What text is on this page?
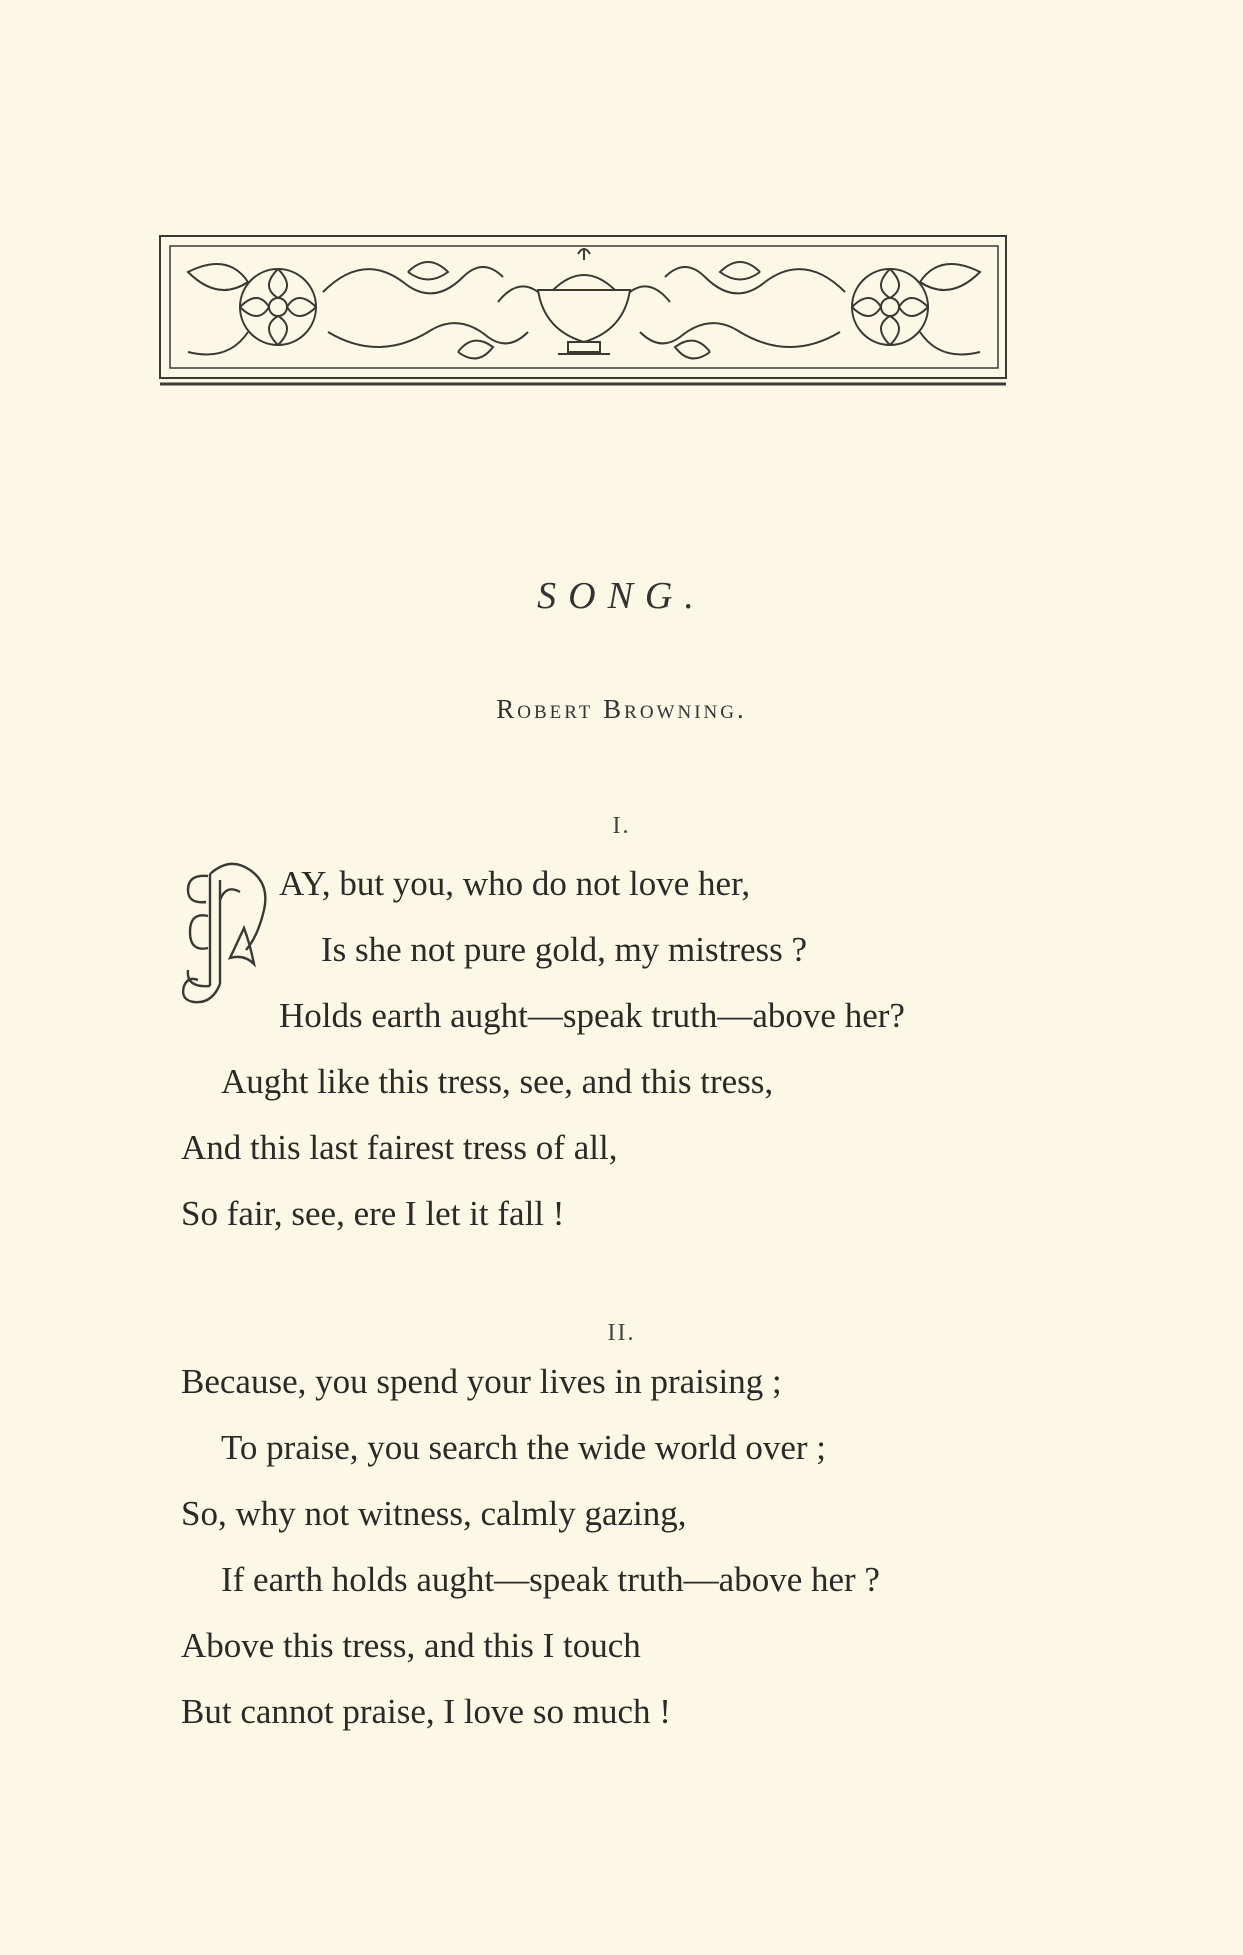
SONG.
Robert Browning.
I.
AY, but you, who do not love her,
Is she not pure gold, my mistress ?
Holds earth aught—speak truth—above her?
Aught like this tress, see, and this tress,
And this last fairest tress of all,
So fair, see, ere I let it fall !
II.
Because, you spend your lives in praising ;
To praise, you search the wide world over ;
So, why not witness, calmly gazing,
If earth holds aught—speak truth—above her ?
Above this tress, and this I touch
But cannot praise, I love so much !
